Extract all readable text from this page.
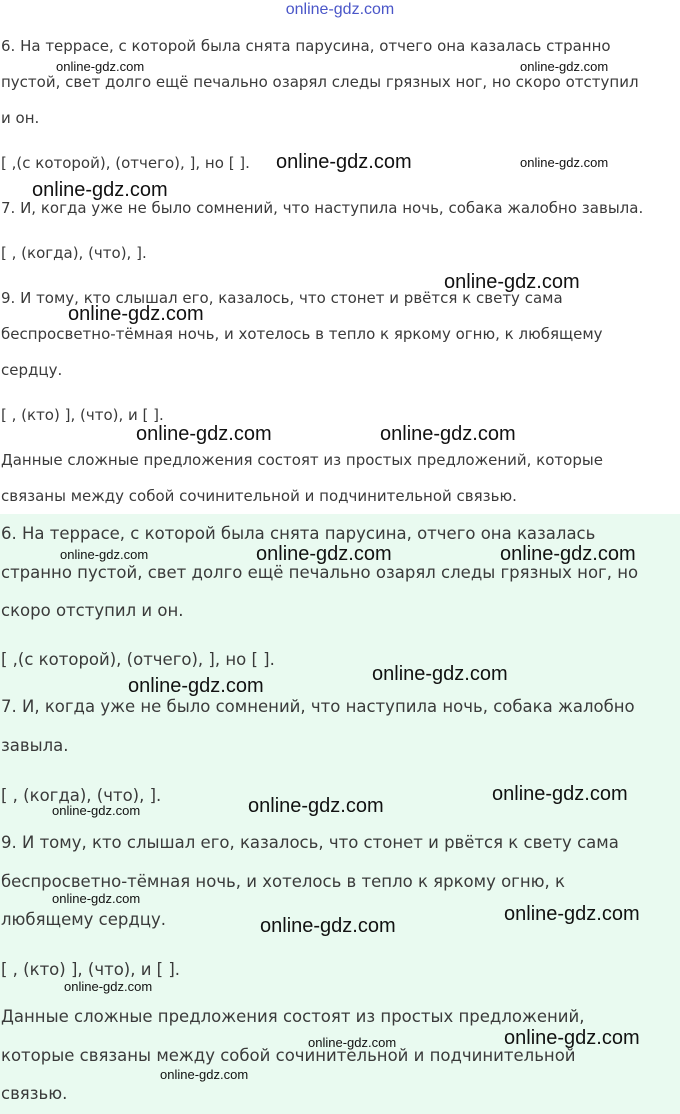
6. На террасе, с которой была снята парусина, отчего она казалась странно
пустой, свет долго ещё печально озарял следы грязных ног, но скоро отступил
и он.
[ ,(с которой), (отчего), ], но [ ].
7. И, когда уже не было сомнений, что наступила ночь, собака жалобно завыла.
[ , (когда), (что), ].
9. И тому, кто слышал его, казалось, что стонет и рвётся к свету сама
беспросветно-тёмная ночь, и хотелось в тепло к яркому огню, к любящему
сердцу.
[ , (кто) ], (что), и [ ].
Данные сложные предложения состоят из простых предложений, которые
связаны между собой сочинительной и подчинительной связью.
6. На террасе, с которой была снята парусина, отчего она казалась
странно пустой, свет долго ещё печально озарял следы грязных ног, но
скоро отступил и он.
[ ,(с которой), (отчего), ], но [ ].
7. И, когда уже не было сомнений, что наступила ночь, собака жалобно
завыла.
[ , (когда), (что), ].
9. И тому, кто слышал его, казалось, что стонет и рвётся к свету сама
беспросветно-тёмная ночь, и хотелось в тепло к яркому огню, к
любящему сердцу.
[ , (кто) ], (что), и [ ].
Данные сложные предложения состоят из простых предложений,
которые связаны между собой сочинительной и подчинительной
связью.
online-gdz.com
online-gdz.com	online-gdz.com
online-gdz.com	online-gdz.com
online-gdz.com
online-gdz.com
online-gdz.com
online-gdz.com	online-gdz.com
online-gdz.com	online-gdz.com	online-gdz.com
online-gdz.com
online-gdz.com
online-gdz.com
online-gdz.com
online-gdz.com
online-gdz.com
online-gdz.com
online-gdz.com
online-gdz.com
online-gdz.com
online-gdz.com
online-gdz.com
